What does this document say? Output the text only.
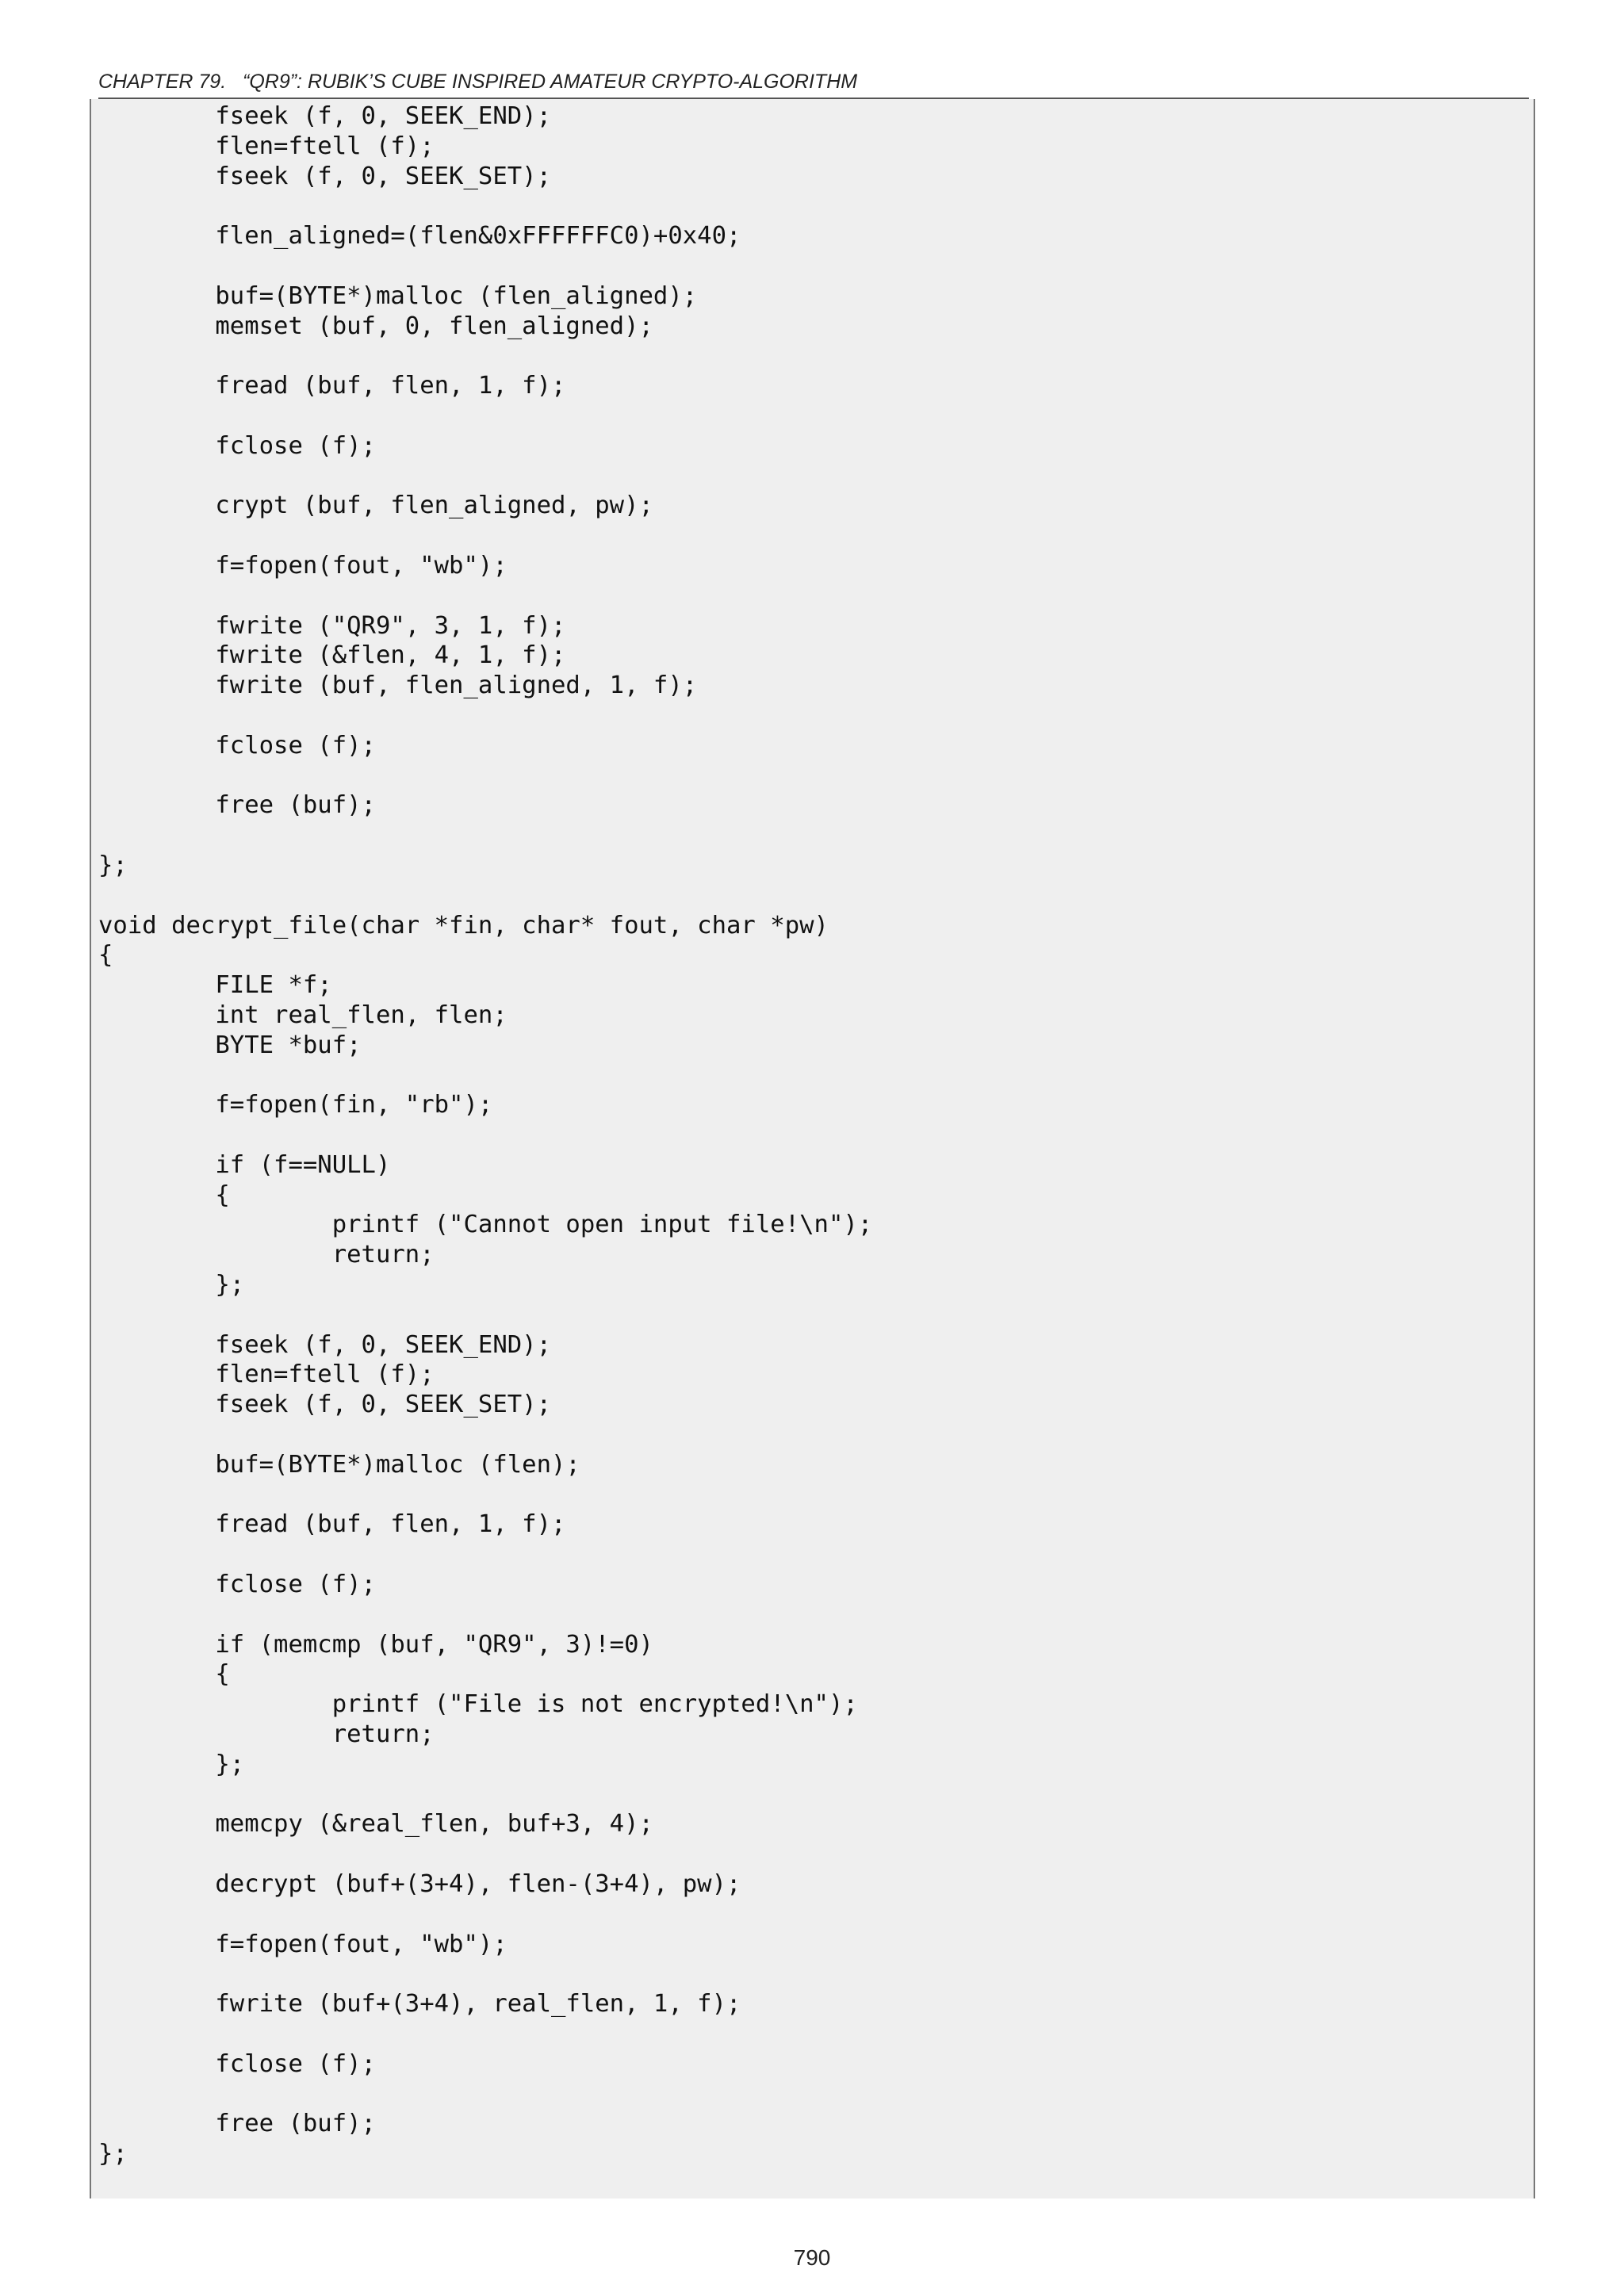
CHAPTER 79.   “QR9”: RUBIK’S CUBE INSPIRED AMATEUR CRYPTO-ALGORITHM
fseek (f, 0, SEEK_END);
flen=ftell (f);
fseek (f, 0, SEEK_SET);
flen_aligned=(flen&0xFFFFFFC0)+0x40;
buf=(BYTE*)malloc (flen_aligned);
memset (buf, 0, flen_aligned);
fread (buf, flen, 1, f);
fclose (f);
crypt (buf, flen_aligned, pw);
f=fopen(fout, "wb");
fwrite ("QR9", 3, 1, f);
fwrite (&flen, 4, 1, f);
fwrite (buf, flen_aligned, 1, f);
fclose (f);
free (buf);
};
void decrypt_file(char *fin, char* fout, char *pw)
{
FILE *f;
int real_flen, flen;
BYTE *buf;
f=fopen(fin, "rb");
if (f==NULL)
{
printf ("Cannot open input file!\n");
return;
};
fseek (f, 0, SEEK_END);
flen=ftell (f);
fseek (f, 0, SEEK_SET);
buf=(BYTE*)malloc (flen);
fread (buf, flen, 1, f);
fclose (f);
if (memcmp (buf, "QR9", 3)!=0)
{
printf ("File is not encrypted!\n");
return;
};
memcpy (&real_flen, buf+3, 4);
decrypt (buf+(3+4), flen-(3+4), pw);
f=fopen(fout, "wb");
fwrite (buf+(3+4), real_flen, 1, f);
fclose (f);
free (buf);
};
790
